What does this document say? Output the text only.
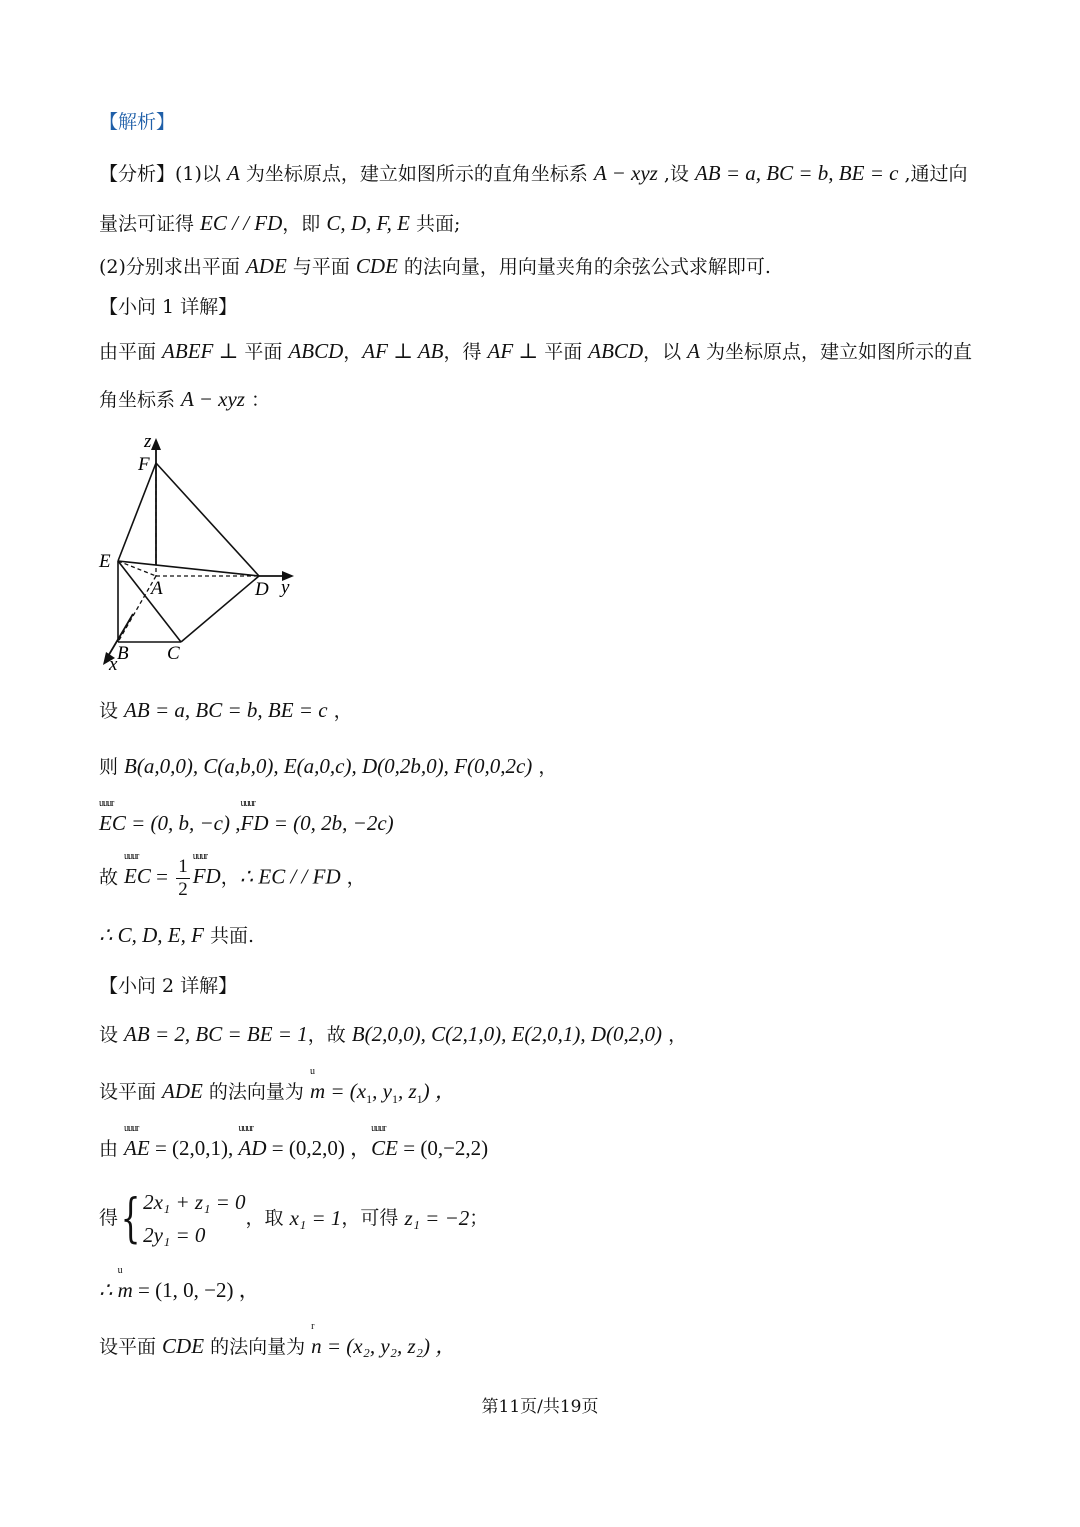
【解析】
【分析】(1)以 A 为坐标原点，建立如图所示的直角坐标系 A − xyz ,设 AB = a, BC = b, BE = c ,通过向
量法可证得 EC / / FD，即 C, D, F, E 共面;
(2)分别求出平面 ADE 与平面 CDE 的法向量，用向量夹角的余弦公式求解即可.
【小问 1 详解】
由平面 ABEF ⊥ 平面 ABCD，AF ⊥ AB，得 AF ⊥ 平面 ABCD，以 A 为坐标原点，建立如图所示的直
角坐标系 A − xyz ：
z
F
E
A	D y
B C
x
设 AB = a, BC = b, BE = c ，
则 B(a,0,0), C(a,b,0), E(a,0,c), D(0,2b,0), F(0,0,2c) ，
uuur
EC = (0, b, −c) ,
uuur
FD = (0, 2b, −2c)
故
uuur
EC = $\frac{1}{2}$ uuur
FD，∴ EC / / FD ，
∴ C, D, E, F 共面.
【小问 2 详解】
设 AB = 2, BC = BE = 1，故 B(2,0,0), C(2,1,0), E(2,0,1), D(0,2,0) ，
设平面 ADE 的法向量为
u
$m = (x_1$, $y_1$, $z_1$) ，
由
uuur
AE = (2,0,1),
uuur
AD = (0,2,0) ，
uuur
CE = (0,−2,2)
得{ 2x₁ + z₁ = 0
2y₁ = 0
，取 x₁ = 1，可得 z₁ = −2；
∴
u
m = (1, 0, −2) ，
设平面 CDE 的法向量为
r
n = (x₂, y₂, z₂) ，
第11页/共19页
